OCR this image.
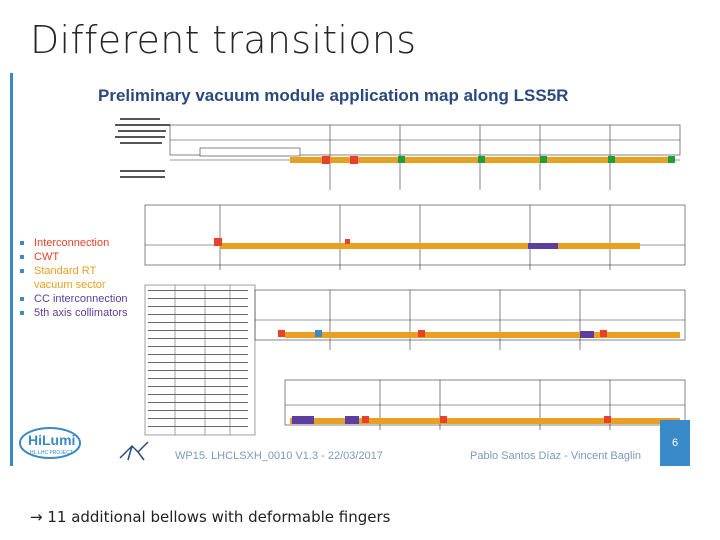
Different transitions
Preliminary vacuum module application map along LSS5R
Interconnection
CWT
Standard RT
vacuum sector
CC interconnection
5th axis collimators
HiLumi
HL-LHC PROJECT	WP15. LHCLSXH_0010 V1.3 - 22/03/2017	Pablo Santos Díaz - Vincent Baglin
6
→ 11 additional bellows with deformable fingers
